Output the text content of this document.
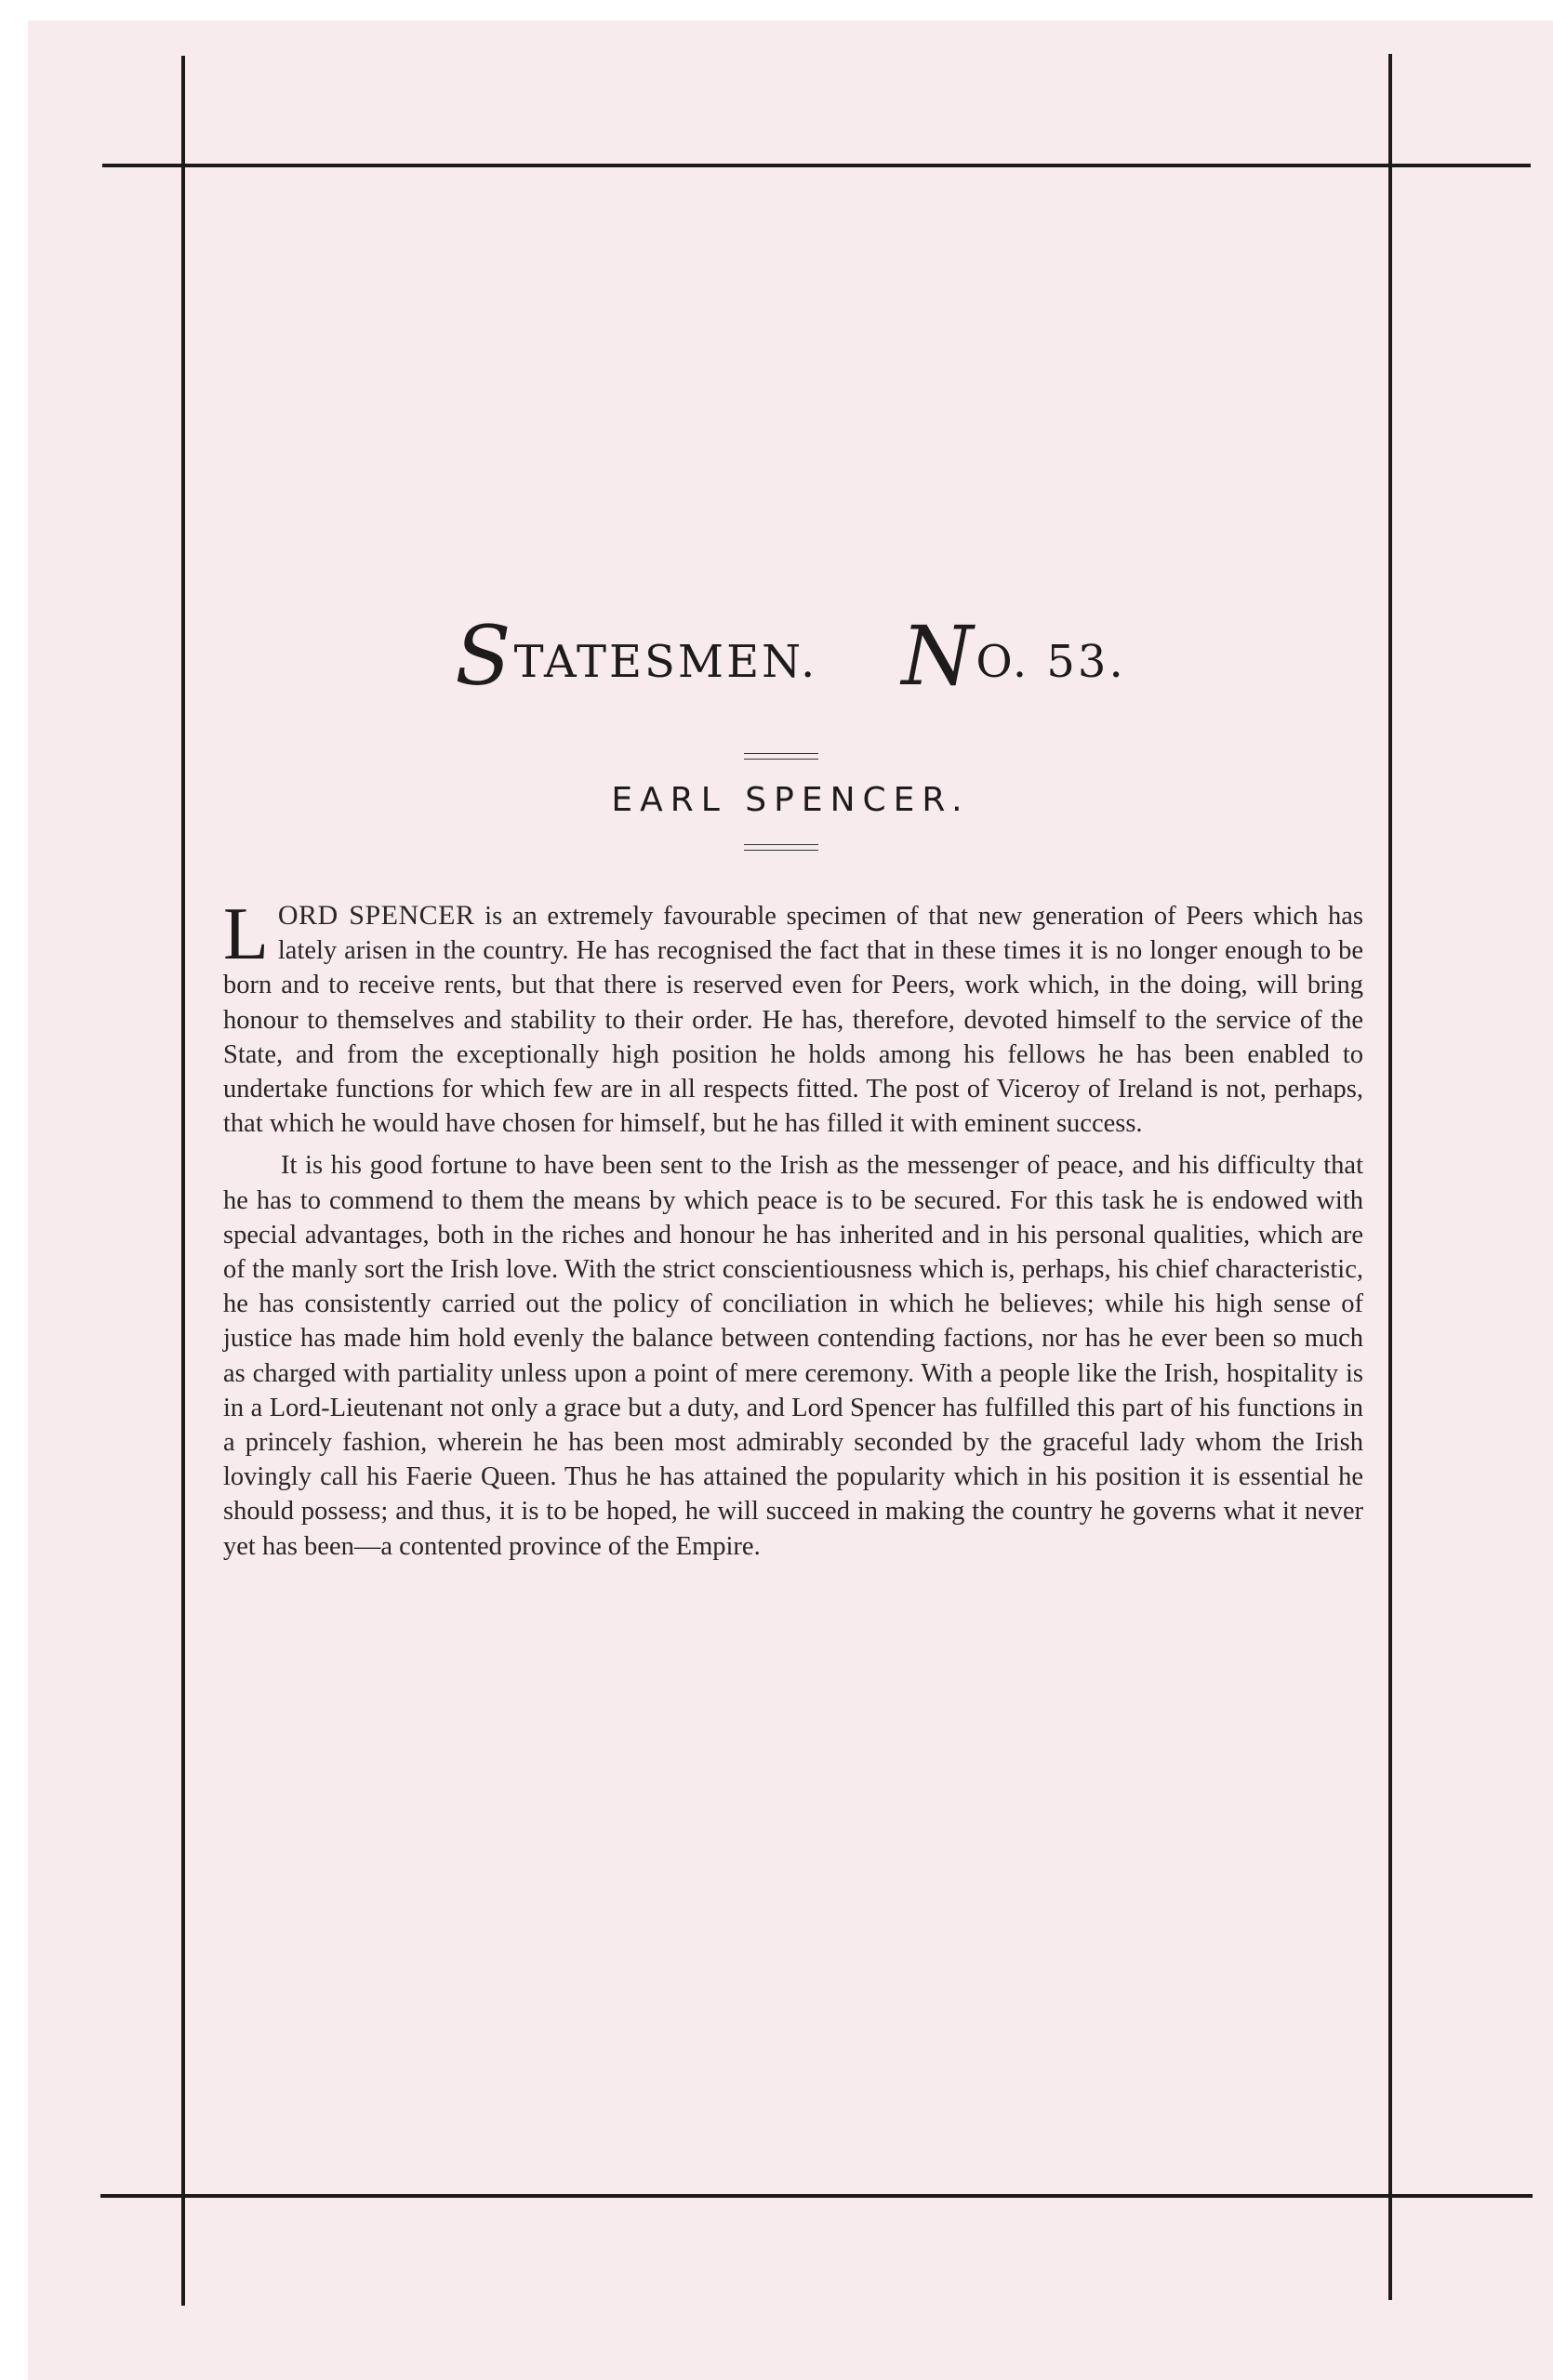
STATESMEN. NO. 53.
EARL SPENCER.

LORD SPENCER is an extremely favourable specimen of that new generation of Peers which has lately arisen in the country. He has recognised the fact that in these times it is no longer enough to be born and to receive rents, but that there is reserved even for Peers, work which, in the doing, will bring honour to themselves and stability to their order. He has, therefore, devoted himself to the service of the State, and from the exceptionally high position he holds among his fellows he has been enabled to undertake functions for which few are in all respects fitted. The post of Viceroy of Ireland is not, perhaps, that which he would have chosen for himself, but he has filled it with eminent success.

It is his good fortune to have been sent to the Irish as the messenger of peace, and his difficulty that he has to commend to them the means by which peace is to be secured. For this task he is endowed with special advantages, both in the riches and honour he has inherited and in his personal qualities, which are of the manly sort the Irish love. With the strict conscientiousness which is, perhaps, his chief characteristic, he has consistently carried out the policy of conciliation in which he believes; while his high sense of justice has made him hold evenly the balance between contending factions, nor has he ever been so much as charged with partiality unless upon a point of mere ceremony. With a people like the Irish, hospitality is in a Lord-Lieutenant not only a grace but a duty, and Lord Spencer has fulfilled this part of his functions in a princely fashion, wherein he has been most admirably seconded by the graceful lady whom the Irish lovingly call his Faerie Queen. Thus he has attained the popularity which in his position it is essential he should possess; and thus, it is to be hoped, he will succeed in making the country he governs what it never yet has been—a contented province of the Empire.
